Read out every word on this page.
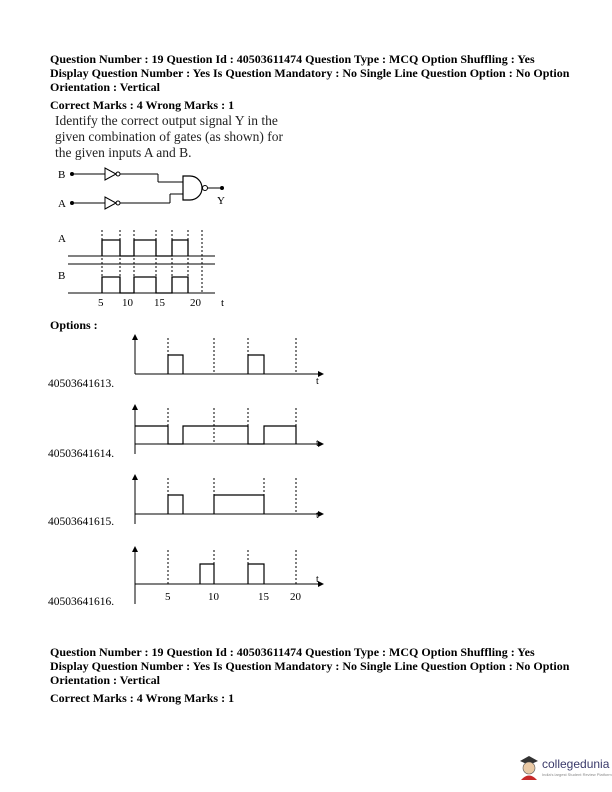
Question Number : 19 Question Id : 40503611474 Question Type : MCQ Option Shuffling : Yes
Display Question Number : Yes Is Question Mandatory : No Single Line Question Option : No Option
Orientation : Vertical
Correct Marks : 4 Wrong Marks : 1
Identify the correct output signal Y in the
given combination of gates (as shown) for
the given inputs A and B.
B
A	Y
A
B
5 10 15 20 t
Options :
t
40503641613.
t
40503641614.
t
40503641615.
t
5	10	15 20
40503641616.
Question Number : 19 Question Id : 40503611474 Question Type : MCQ Option Shuffling : Yes
Display Question Number : Yes Is Question Mandatory : No Single Line Question Option : No Option
Orientation : Vertical
Correct Marks : 4 Wrong Marks : 1
collegedunia
India's largest Student Review Platform
